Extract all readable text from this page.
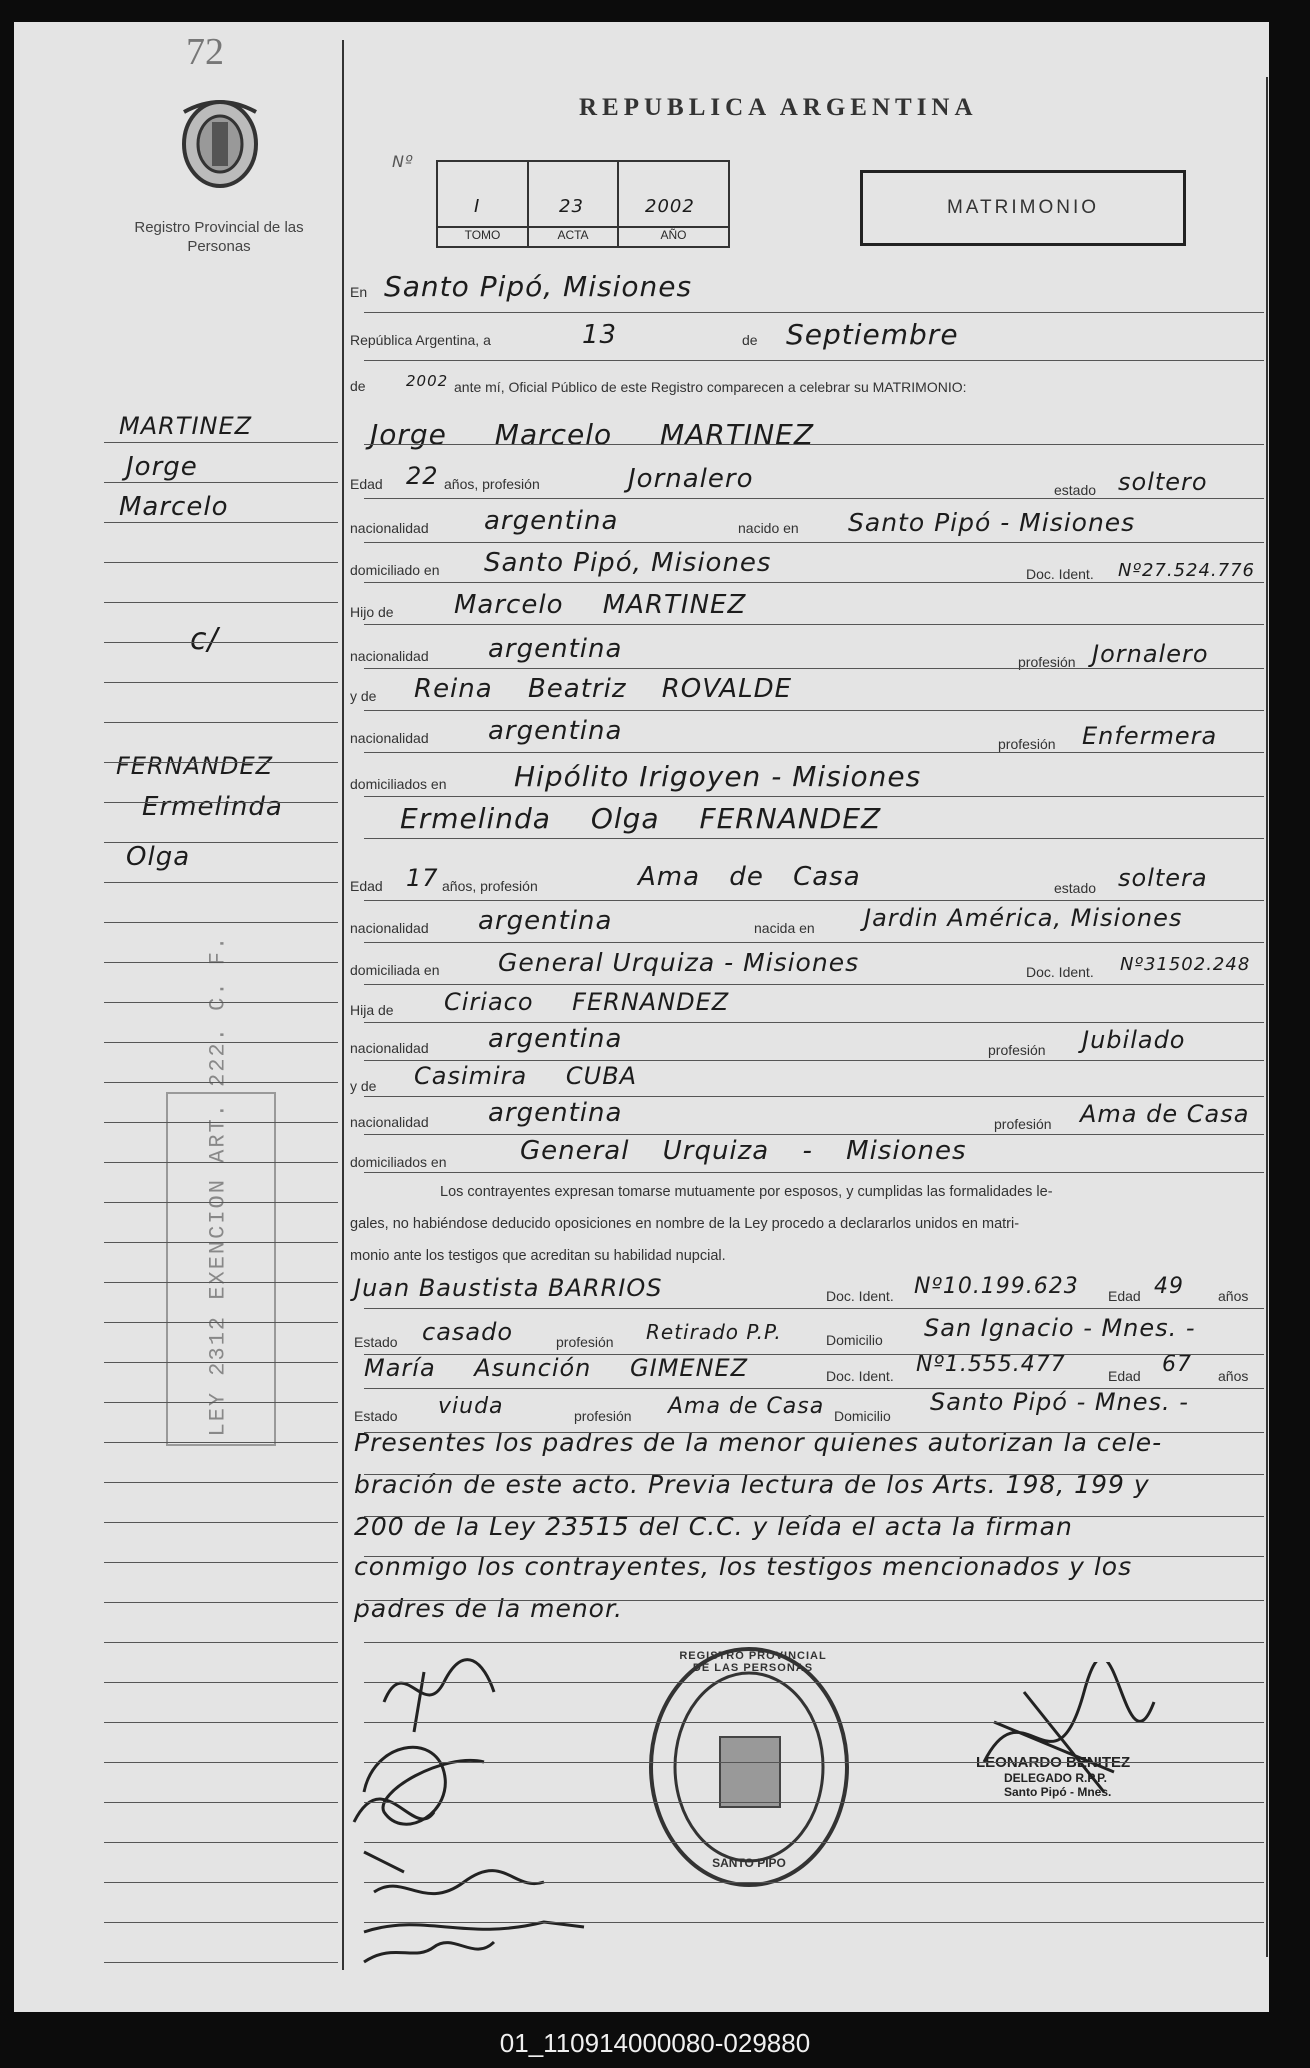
72
Registro Provincial de las Personas
REPUBLICA ARGENTINA
Nº
I
TOMO
23
ACTA
2002
AÑO
MATRIMONIO
MARTINEZ
Jorge
Marcelo
c/
FERNANDEZ
Ermelinda
Olga
LEY 2312 EXENCION ART. 222. C. F.
En Santo Pipó, Misiones
República Argentina, a	13	de Septiembre
de	2002 ante mí, Oficial Público de este Registro comparecen a celebrar su MATRIMONIO:
Jorge Marcelo MARTINEZ
Edad 22 años, profesión	Jornalero	estado soltero
nacionalidad argentina	nacido en Santo Pipó - Misiones
domiciliado en Santo Pipó, Misiones	Doc. Ident. Nº27.524.776
Hijo de Marcelo MARTINEZ
nacionalidad argentina	profesión Jornalero
y de Reina Beatriz ROVALDE
nacionalidad argentina	profesión Enfermera
domiciliados en Hipólito Irigoyen - Misiones
Ermelinda Olga FERNANDEZ
Edad 17 años, profesión	Ama de Casa	estado soltera
nacionalidad argentina	nacida en Jardin América, Misiones
domiciliada en General Urquiza - Misiones	Doc. Ident. Nº31502.248
Hija de Ciriaco FERNANDEZ
nacionalidad argentina	profesión Jubilado
y de Casimira CUBA
nacionalidad argentina	profesión Ama de Casa
domiciliados en	General Urquiza - Misiones
Los contrayentes expresan tomarse mutuamente por esposos, y cumplidas las formalidades le-
gales, no habiéndose deducido oposiciones en nombre de la Ley procedo a declararlos unidos en matri-
monio ante los testigos que acreditan su habilidad nupcial.
Juan Baustista BARRIOS	Doc. Ident. Nº10.199.623 Edad 49 años
Estado casado	profesión Retirado P.P.	Domicilio San Ignacio - Mnes. -
María Asunción GIMENEZ	Doc. Ident. Nº1.555.477	Edad 67 años
Estado viuda	profesión Ama de Casa Domicilio Santo Pipó - Mnes. -
Presentes los padres de la menor quienes autorizan la cele-
bración de este acto. Previa lectura de los Arts. 198, 199 y
200 de la Ley 23515 del C.C. y leída el acta la firman
conmigo los contrayentes, los testigos mencionados y los
padres de la menor.
REGISTRO PROVINCIAL DE LAS PERSONAS
SANTO PIPO
LEONARDO BENITEZ
DELEGADO R.P.P.
Santo Pipó - Mnes.
01_110914000080-029880
